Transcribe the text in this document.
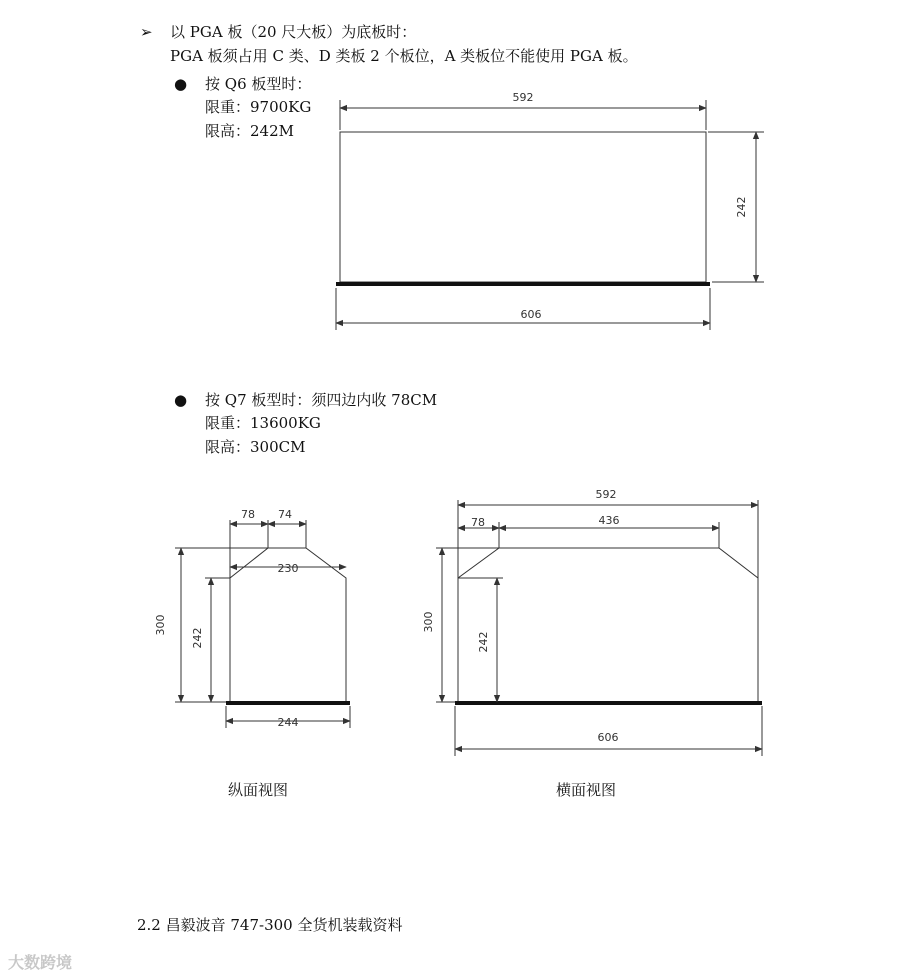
➢ 以 PGA 板（20 尺大板）为底板时：
PGA 板须占用 C 类、D 类板 2 个板位，A 类板位不能使用 PGA 板。
● 按 Q6 板型时：
限重：9700KG
限高：242M
● 按 Q7 板型时：须四边内收 78CM
限重：13600KG
限高：300CM
592
242
606
78 74
230
300
242
244
592
78	436
300
242
606
纵面视图	横面视图
2.2 昌毅波音 747-300 全货机装载资料
大数跨境
